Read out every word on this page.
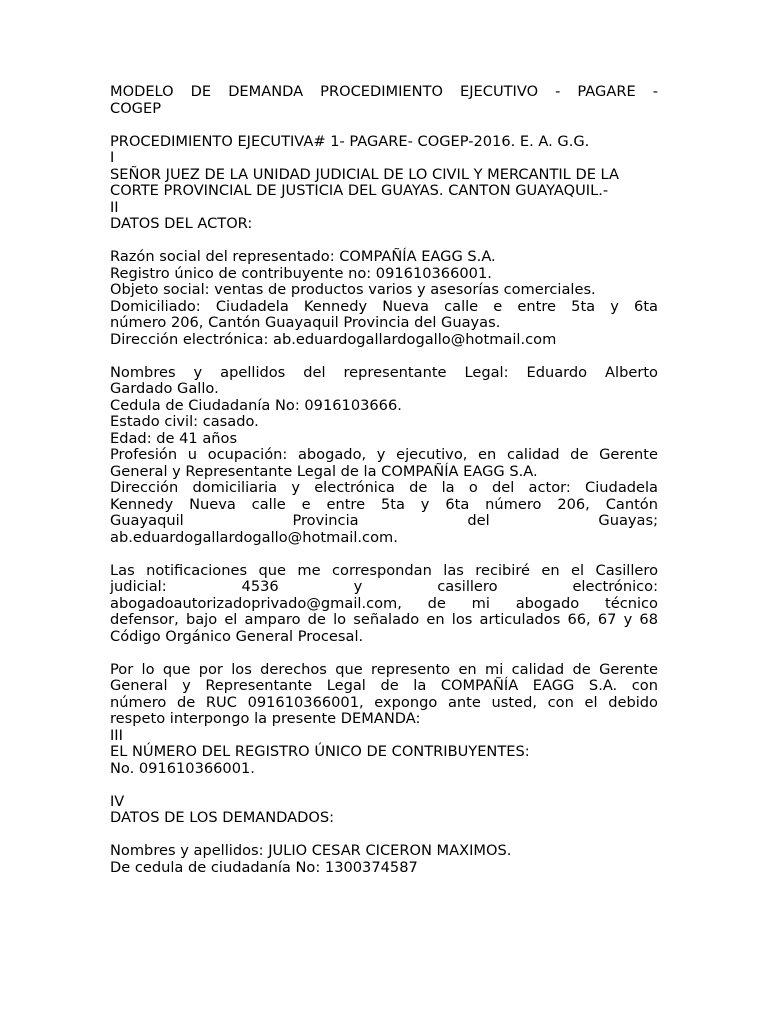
MODELO DE DEMANDA PROCEDIMIENTO EJECUTIVO - PAGARE -
COGEP
PROCEDIMIENTO EJECUTIVA# 1- PAGARE- COGEP-2016. E. A. G.G.
I
SEÑOR JUEZ DE LA UNIDAD JUDICIAL DE LO CIVIL Y MERCANTIL DE LA
CORTE PROVINCIAL DE JUSTICIA DEL GUAYAS. CANTON GUAYAQUIL.-
II
DATOS DEL ACTOR:
Razón social del representado: COMPAÑÍA EAGG S.A.
Registro único de contribuyente no: 091610366001.
Objeto social: ventas de productos varios y asesorías comerciales.
Domiciliado: Ciudadela Kennedy Nueva calle e entre 5ta y 6ta
número 206, Cantón Guayaquil Provincia del Guayas.
Dirección electrónica: ab.eduardogallardogallo@hotmail.com
Nombres y apellidos del representante Legal: Eduardo Alberto
Gardado Gallo.
Cedula de Ciudadanía No: 0916103666.
Estado civil: casado.
Edad: de 41 años
Profesión u ocupación: abogado, y ejecutivo, en calidad de Gerente
General y Representante Legal de la COMPAÑÍA EAGG S.A.
Dirección domiciliaria y electrónica de la o del actor: Ciudadela
Kennedy Nueva calle e entre 5ta y 6ta número 206, Cantón
Guayaquil Provincia del Guayas;
ab.eduardogallardogallo@hotmail.com.
Las notificaciones que me correspondan las recibiré en el Casillero
judicial: 4536 y casillero electrónico:
abogadoautorizadoprivado@gmail.com, de mi abogado técnico
defensor, bajo el amparo de lo señalado en los articulados 66, 67 y 68
Código Orgánico General Procesal.
Por lo que por los derechos que represento en mi calidad de Gerente
General y Representante Legal de la COMPAÑÍA EAGG S.A. con
número de RUC 091610366001, expongo ante usted, con el debido
respeto interpongo la presente DEMANDA:
III
EL NÚMERO DEL REGISTRO ÚNICO DE CONTRIBUYENTES:
No. 091610366001.
IV
DATOS DE LOS DEMANDADOS:
Nombres y apellidos: JULIO CESAR CICERON MAXIMOS.
De cedula de ciudadanía No: 1300374587
